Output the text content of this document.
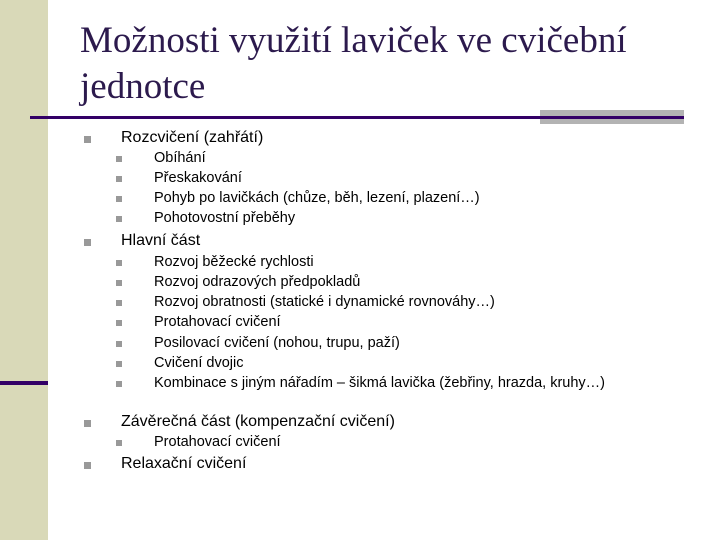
Možnosti využití laviček ve cvičební jednotce
Rozcvičení (zahřátí)
Obíhání
Přeskakování
Pohyb po lavičkách (chůze, běh, lezení, plazení…)
Pohotovostní přeběhy
Hlavní část
Rozvoj běžecké rychlosti
Rozvoj odrazových předpokladů
Rozvoj obratnosti (statické i dynamické rovnováhy…)
Protahovací cvičení
Posilovací cvičení (nohou, trupu, paží)
Cvičení dvojic
Kombinace s jiným nářadím – šikmá lavička (žebřiny, hrazda, kruhy…)
Závěrečná část (kompenzační cvičení)
Protahovací cvičení
Relaxační cvičení
